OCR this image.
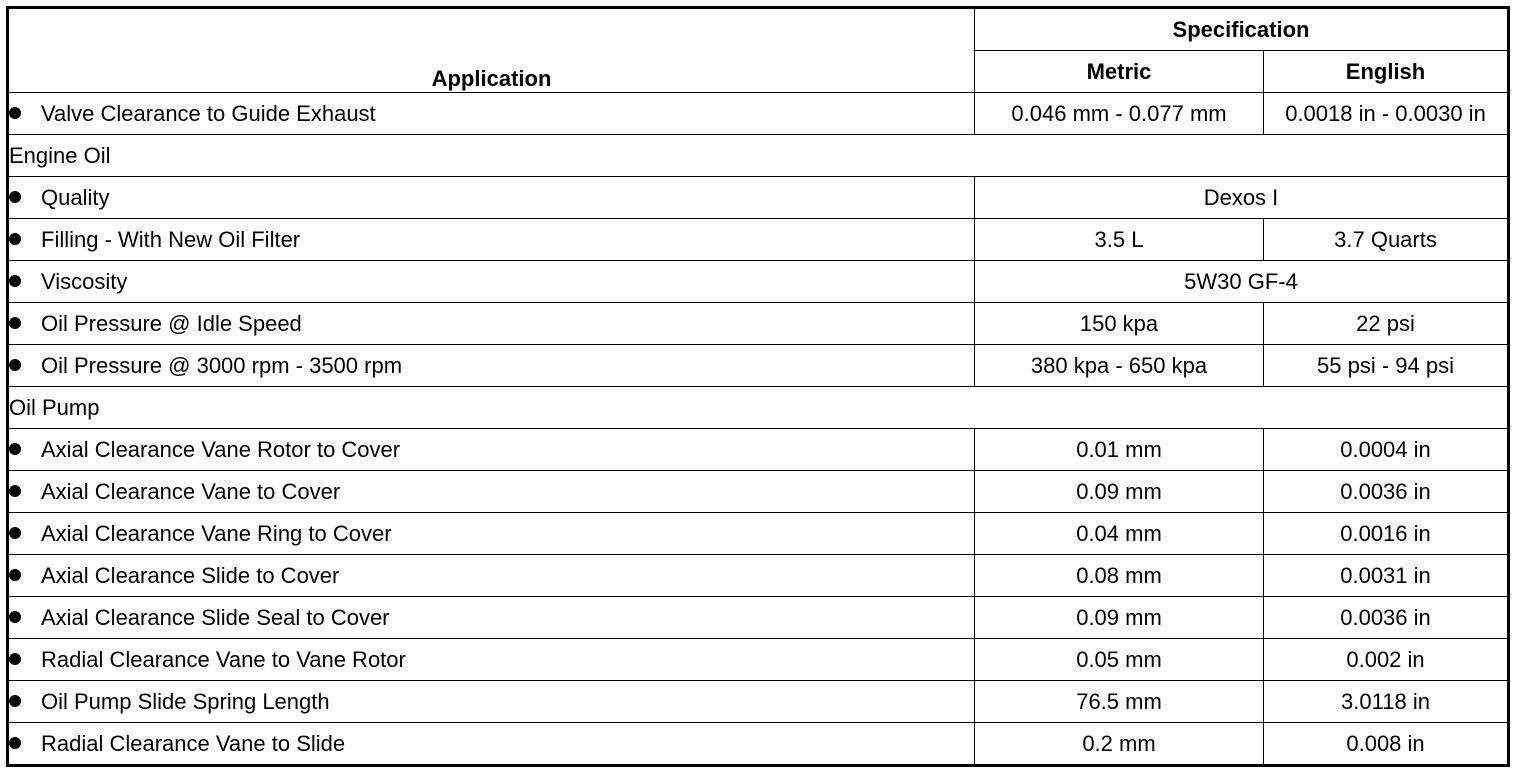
Application	Specification	
	Metric	English
Valve Clearance to Guide Exhaust	0.046 mm - 0.077 mm	0.0018 in - 0.0030 in
Engine Oil		
Quality	Dexos I	
Filling - With New Oil Filter	3.5 L	3.7 Quarts
Viscosity	5W30 GF-4	
Oil Pressure @ Idle Speed	150 kpa	22 psi
Oil Pressure @ 3000 rpm - 3500 rpm	380 kpa - 650 kpa	55 psi - 94 psi
Oil Pump		
Axial Clearance Vane Rotor to Cover	0.01 mm	0.0004 in
Axial Clearance Vane to Cover	0.09 mm	0.0036 in
Axial Clearance Vane Ring to Cover	0.04 mm	0.0016 in
Axial Clearance Slide to Cover	0.08 mm	0.0031 in
Axial Clearance Slide Seal to Cover	0.09 mm	0.0036 in
Radial Clearance Vane to Vane Rotor	0.05 mm	0.002 in
Oil Pump Slide Spring Length	76.5 mm	3.0118 in
Radial Clearance Vane to Slide	0.2 mm	0.008 in
